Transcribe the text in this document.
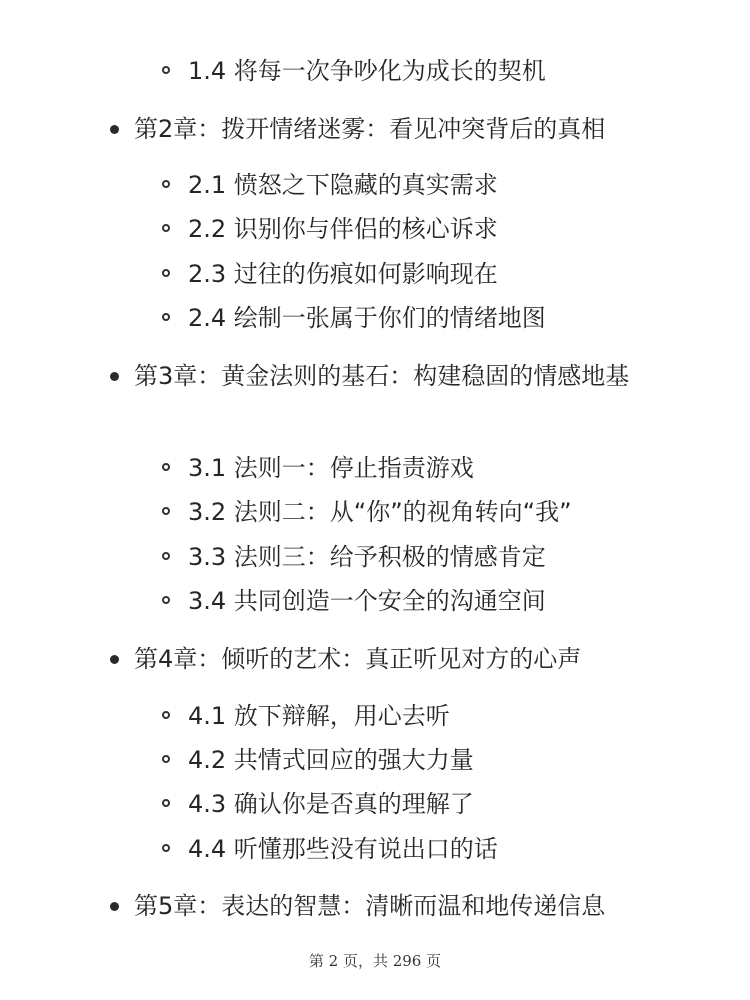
1.4 将每一次争吵化为成长的契机
第2章：拨开情绪迷雾：看见冲突背后的真相
2.1 愤怒之下隐藏的真实需求
2.2 识别你与伴侣的核心诉求
2.3 过往的伤痕如何影响现在
2.4 绘制一张属于你们的情绪地图
第3章：黄金法则的基石：构建稳固的情感地基
3.1 法则一：停止指责游戏
3.2 法则二：从“你”的视角转向“我”
3.3 法则三：给予积极的情感肯定
3.4 共同创造一个安全的沟通空间
第4章：倾听的艺术：真正听见对方的心声
4.1 放下辩解，用心去听
4.2 共情式回应的强大力量
4.3 确认你是否真的理解了
4.4 听懂那些没有说出口的话
第5章：表达的智慧：清晰而温和地传递信息
第 2 页，共 296 页
